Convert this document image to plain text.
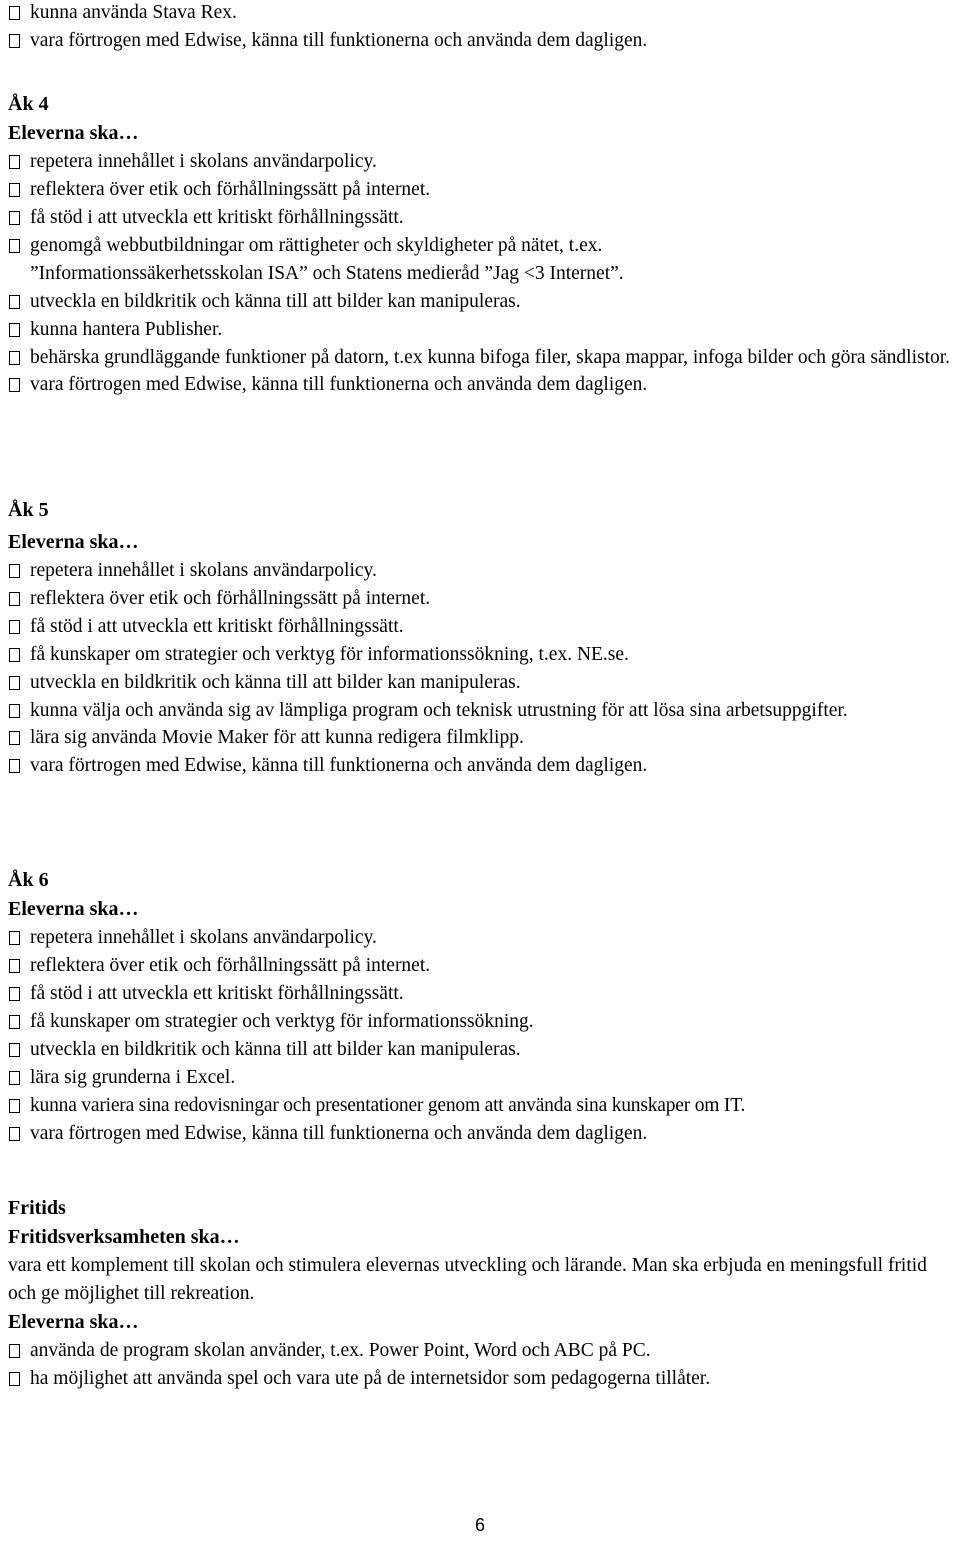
kunna använda Stava Rex.
vara förtrogen med Edwise, känna till funktionerna och använda dem dagligen.
Åk 4
Eleverna ska…
repetera innehållet i skolans användarpolicy.
reflektera över etik och förhållningssätt på internet.
få stöd i att utveckla ett kritiskt förhållningssätt.
genomgå webbutbildningar om rättigheter och skyldigheter på nätet, t.ex.
”Informationssäkerhetsskolan ISA” och Statens medieråd ”Jag <3 Internet”.
utveckla en bildkritik och känna till att bilder kan manipuleras.
kunna hantera Publisher.
behärska grundläggande funktioner på datorn, t.ex kunna bifoga filer, skapa mappar, infoga bilder och göra sändlistor.
vara förtrogen med Edwise, känna till funktionerna och använda dem dagligen.
Åk 5
Eleverna ska…
repetera innehållet i skolans användarpolicy.
reflektera över etik och förhållningssätt på internet.
få stöd i att utveckla ett kritiskt förhållningssätt.
få kunskaper om strategier och verktyg för informationssökning, t.ex. NE.se.
utveckla en bildkritik och känna till att bilder kan manipuleras.
kunna välja och använda sig av lämpliga program och teknisk utrustning för att lösa sina arbetsuppgifter.
lära sig använda Movie Maker för att kunna redigera filmklipp.
vara förtrogen med Edwise, känna till funktionerna och använda dem dagligen.
Åk 6
Eleverna ska…
repetera innehållet i skolans användarpolicy.
reflektera över etik och förhållningssätt på internet.
få stöd i att utveckla ett kritiskt förhållningssätt.
få kunskaper om strategier och verktyg för informationssökning.
utveckla en bildkritik och känna till att bilder kan manipuleras.
lära sig grunderna i Excel.
kunna variera sina redovisningar och presentationer genom att använda sina kunskaper om IT.
vara förtrogen med Edwise, känna till funktionerna och använda dem dagligen.
Fritids
Fritidsverksamheten ska…
vara ett komplement till skolan och stimulera elevernas utveckling och lärande. Man ska erbjuda en meningsfull fritid och ge möjlighet till rekreation.
Eleverna ska…
använda de program skolan använder, t.ex. Power Point, Word och ABC på PC.
ha möjlighet att använda spel och vara ute på de internetsidor som pedagogerna tillåter.
6
